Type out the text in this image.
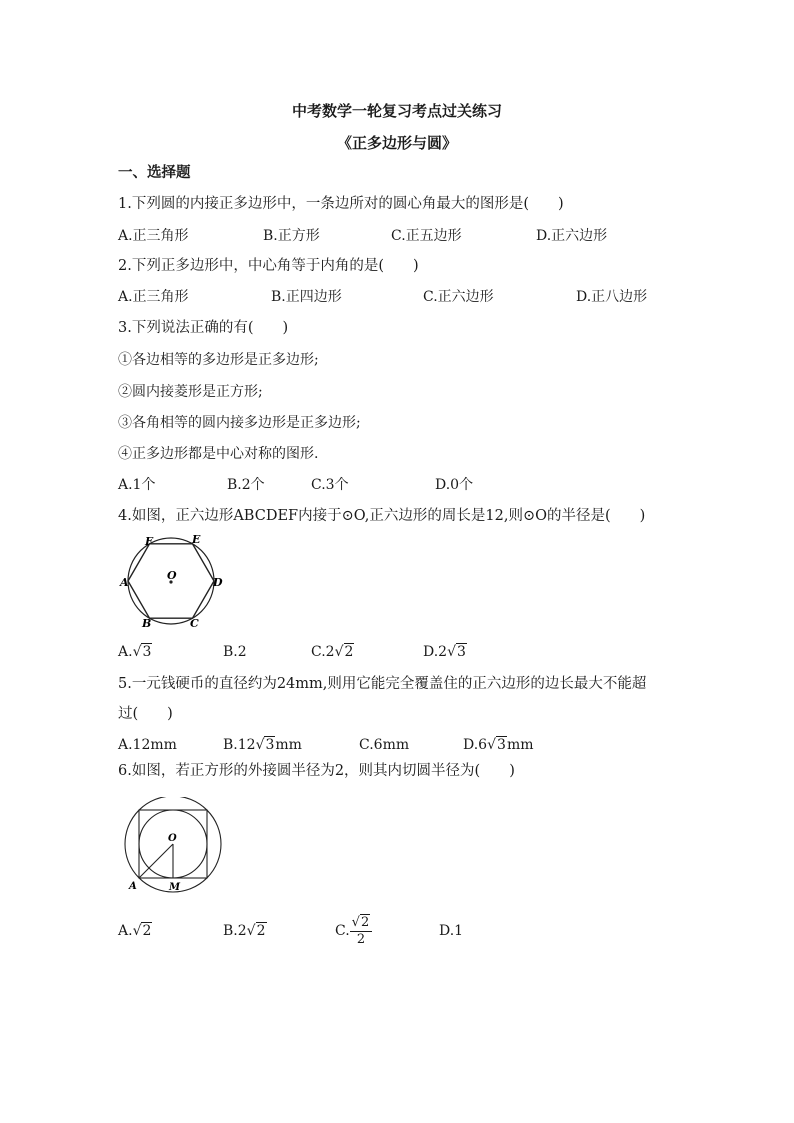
中考数学一轮复习考点过关练习
《正多边形与圆》
一、选择题
1.下列圆的内接正多边形中，一条边所对的圆心角最大的图形是(　　)
A.正三角形	B.正方形	C.正五边形	D.正六边形
2.下列正多边形中，中心角等于内角的是(　　)
A.正三角形	B.正四边形	C.正六边形	D.正八边形
3.下列说法正确的有(　　)
①各边相等的多边形是正多边形;
②圆内接菱形是正方形;
③各角相等的圆内接多边形是正多边形;
④正多边形都是中心对称的图形.
A.1个	B.2个	C.3个	D.0个
4.如图，正六边形ABCDEF内接于⊙O,正六边形的周长是12,则⊙O的半径是(　　)
A
B	C
D
E
F
O
A.√3	B.2	C.2√2	D.2√3
5.一元钱硬币的直径约为24mm,则用它能完全覆盖住的正六边形的边长最大不能超
过(　　)
A.12mm	B.12√3mm	C.6mm	D.6√3mm
6.如图，若正方形的外接圆半径为2，则其内切圆半径为(　　)
O
A	M
A.√2	B.2√2	C. $\frac{√2}{2}$	D.1
